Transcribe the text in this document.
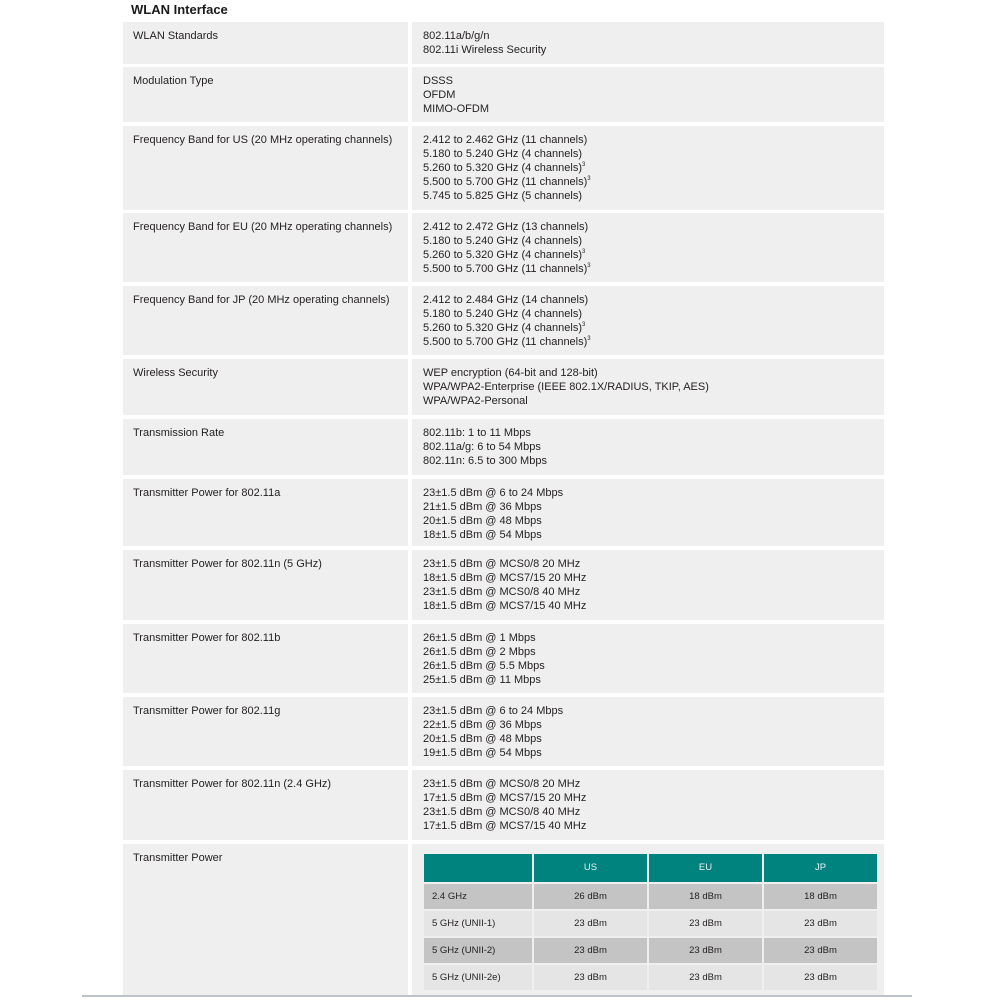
WLAN Interface
WLAN Standards	802.11a/b/g/n
802.11i Wireless Security
Modulation Type	DSSS
OFDM
MIMO-OFDM
Frequency Band for US (20 MHz operating channels)	2.412 to 2.462 GHz (11 channels)
5.180 to 5.240 GHz (4 channels)
5.260 to 5.320 GHz (4 channels)$^3$
5.500 to 5.700 GHz (11 channels)$^3$
5.745 to 5.825 GHz (5 channels)
Frequency Band for EU (20 MHz operating channels)	2.412 to 2.472 GHz (13 channels)
5.180 to 5.240 GHz (4 channels)
5.260 to 5.320 GHz (4 channels)$^3$
5.500 to 5.700 GHz (11 channels)$^3$
Frequency Band for JP (20 MHz operating channels)	2.412 to 2.484 GHz (14 channels)
5.180 to 5.240 GHz (4 channels)
5.260 to 5.320 GHz (4 channels)$^3$
5.500 to 5.700 GHz (11 channels)$^3$
Wireless Security	WEP encryption (64-bit and 128-bit)
WPA/WPA2-Enterprise (IEEE 802.1X/RADIUS, TKIP, AES)
WPA/WPA2-Personal
Transmission Rate	802.11b: 1 to 11 Mbps
802.11a/g: 6 to 54 Mbps
802.11n: 6.5 to 300 Mbps
Transmitter Power for 802.11a	23±1.5 dBm @ 6 to 24 Mbps
21±1.5 dBm @ 36 Mbps
20±1.5 dBm @ 48 Mbps
18±1.5 dBm @ 54 Mbps
Transmitter Power for 802.11n (5 GHz)	23±1.5 dBm @ MCS0/8 20 MHz
18±1.5 dBm @ MCS7/15 20 MHz
23±1.5 dBm @ MCS0/8 40 MHz
18±1.5 dBm @ MCS7/15 40 MHz
Transmitter Power for 802.11b	26±1.5 dBm @ 1 Mbps
26±1.5 dBm @ 2 Mbps
26±1.5 dBm @ 5.5 Mbps
25±1.5 dBm @ 11 Mbps
Transmitter Power for 802.11g	23±1.5 dBm @ 6 to 24 Mbps
22±1.5 dBm @ 36 Mbps
20±1.5 dBm @ 48 Mbps
19±1.5 dBm @ 54 Mbps
Transmitter Power for 802.11n (2.4 GHz)	23±1.5 dBm @ MCS0/8 20 MHz
17±1.5 dBm @ MCS7/15 20 MHz
23±1.5 dBm @ MCS0/8 40 MHz
17±1.5 dBm @ MCS7/15 40 MHz
Transmitter Power
	US	EU	JP
2.4 GHz	26 dBm	18 dBm	18 dBm
5 GHz (UNII-1)	23 dBm	23 dBm	23 dBm
5 GHz (UNII-2)	23 dBm	23 dBm	23 dBm
5 GHz (UNII-2e)	23 dBm	23 dBm	23 dBm
